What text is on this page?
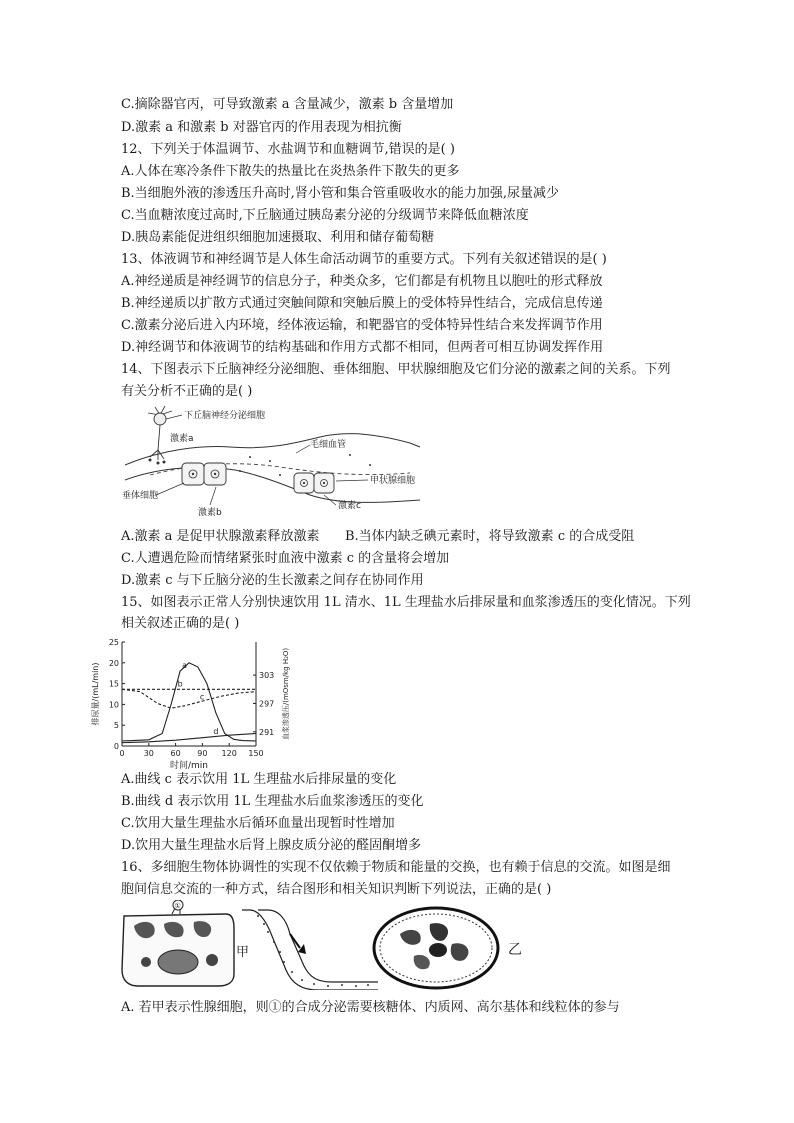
C.摘除器官丙，可导致激素 a 含量减少，激素 b 含量增加
D.激素 a 和激素 b 对器官丙的作用表现为相抗衡
12、下列关于体温调节、水盐调节和血糖调节,错误的是( )
A.人体在寒冷条件下散失的热量比在炎热条件下散失的更多
B.当细胞外液的渗透压升高时,肾小管和集合管重吸收水的能力加强,尿量减少
C.当血糖浓度过高时,下丘脑通过胰岛素分泌的分级调节来降低血糖浓度
D.胰岛素能促进组织细胞加速摄取、利用和储存葡萄糖
13、体液调节和神经调节是人体生命活动调节的重要方式。下列有关叙述错误的是( )
A.神经递质是神经调节的信息分子，种类众多，它们都是有机物且以胞吐的形式释放
B.神经递质以扩散方式通过突触间隙和突触后膜上的受体特异性结合，完成信息传递
C.激素分泌后进入内环境，经体液运输，和靶器官的受体特异性结合来发挥调节作用
D.神经调节和体液调节的结构基础和作用方式都不相同，但两者可相互协调发挥作用
14、下图表示下丘脑神经分泌细胞、垂体细胞、甲状腺细胞及它们分泌的激素之间的关系。下列
有关分析不正确的是( )
下丘脑神经分泌细胞
激素a
垂体细胞
激素b
毛细血管
甲状腺细胞
激素c
A.激素 a 是促甲状腺激素释放激素 B.当体内缺乏碘元素时，将导致激素 c 的合成受阻
C.人遭遇危险而情绪紧张时血液中激素 c 的含量将会增加
D.激素 c 与下丘脑分泌的生长激素之间存在协同作用
15、如图表示正常人分别快速饮用 1L 清水、1L 生理盐水后排尿量和血浆渗透压的变化情况。下列
相关叙述正确的是( )
0 30 60 90 120 150
0
5
10
15
20
25
291
297
303
时间/min
排尿量/(mL/min)	血浆渗透压/(mOsm/kg H₂O)
a
b
c
d
A.曲线 c 表示饮用 1L 生理盐水后排尿量的变化
B.曲线 d 表示饮用 1L 生理盐水后血浆渗透压的变化
C.饮用大量生理盐水后循环血量出现暂时性增加
D.饮用大量生理盐水后肾上腺皮质分泌的醛固酮增多
16、多细胞生物体协调性的实现不仅依赖于物质和能量的交换，也有赖于信息的交流。如图是细
胞间信息交流的一种方式，结合图形和相关知识判断下列说法，正确的是( )
①
甲	乙
A. 若甲表示性腺细胞，则①的合成分泌需要核糖体、内质网、高尔基体和线粒体的参与
